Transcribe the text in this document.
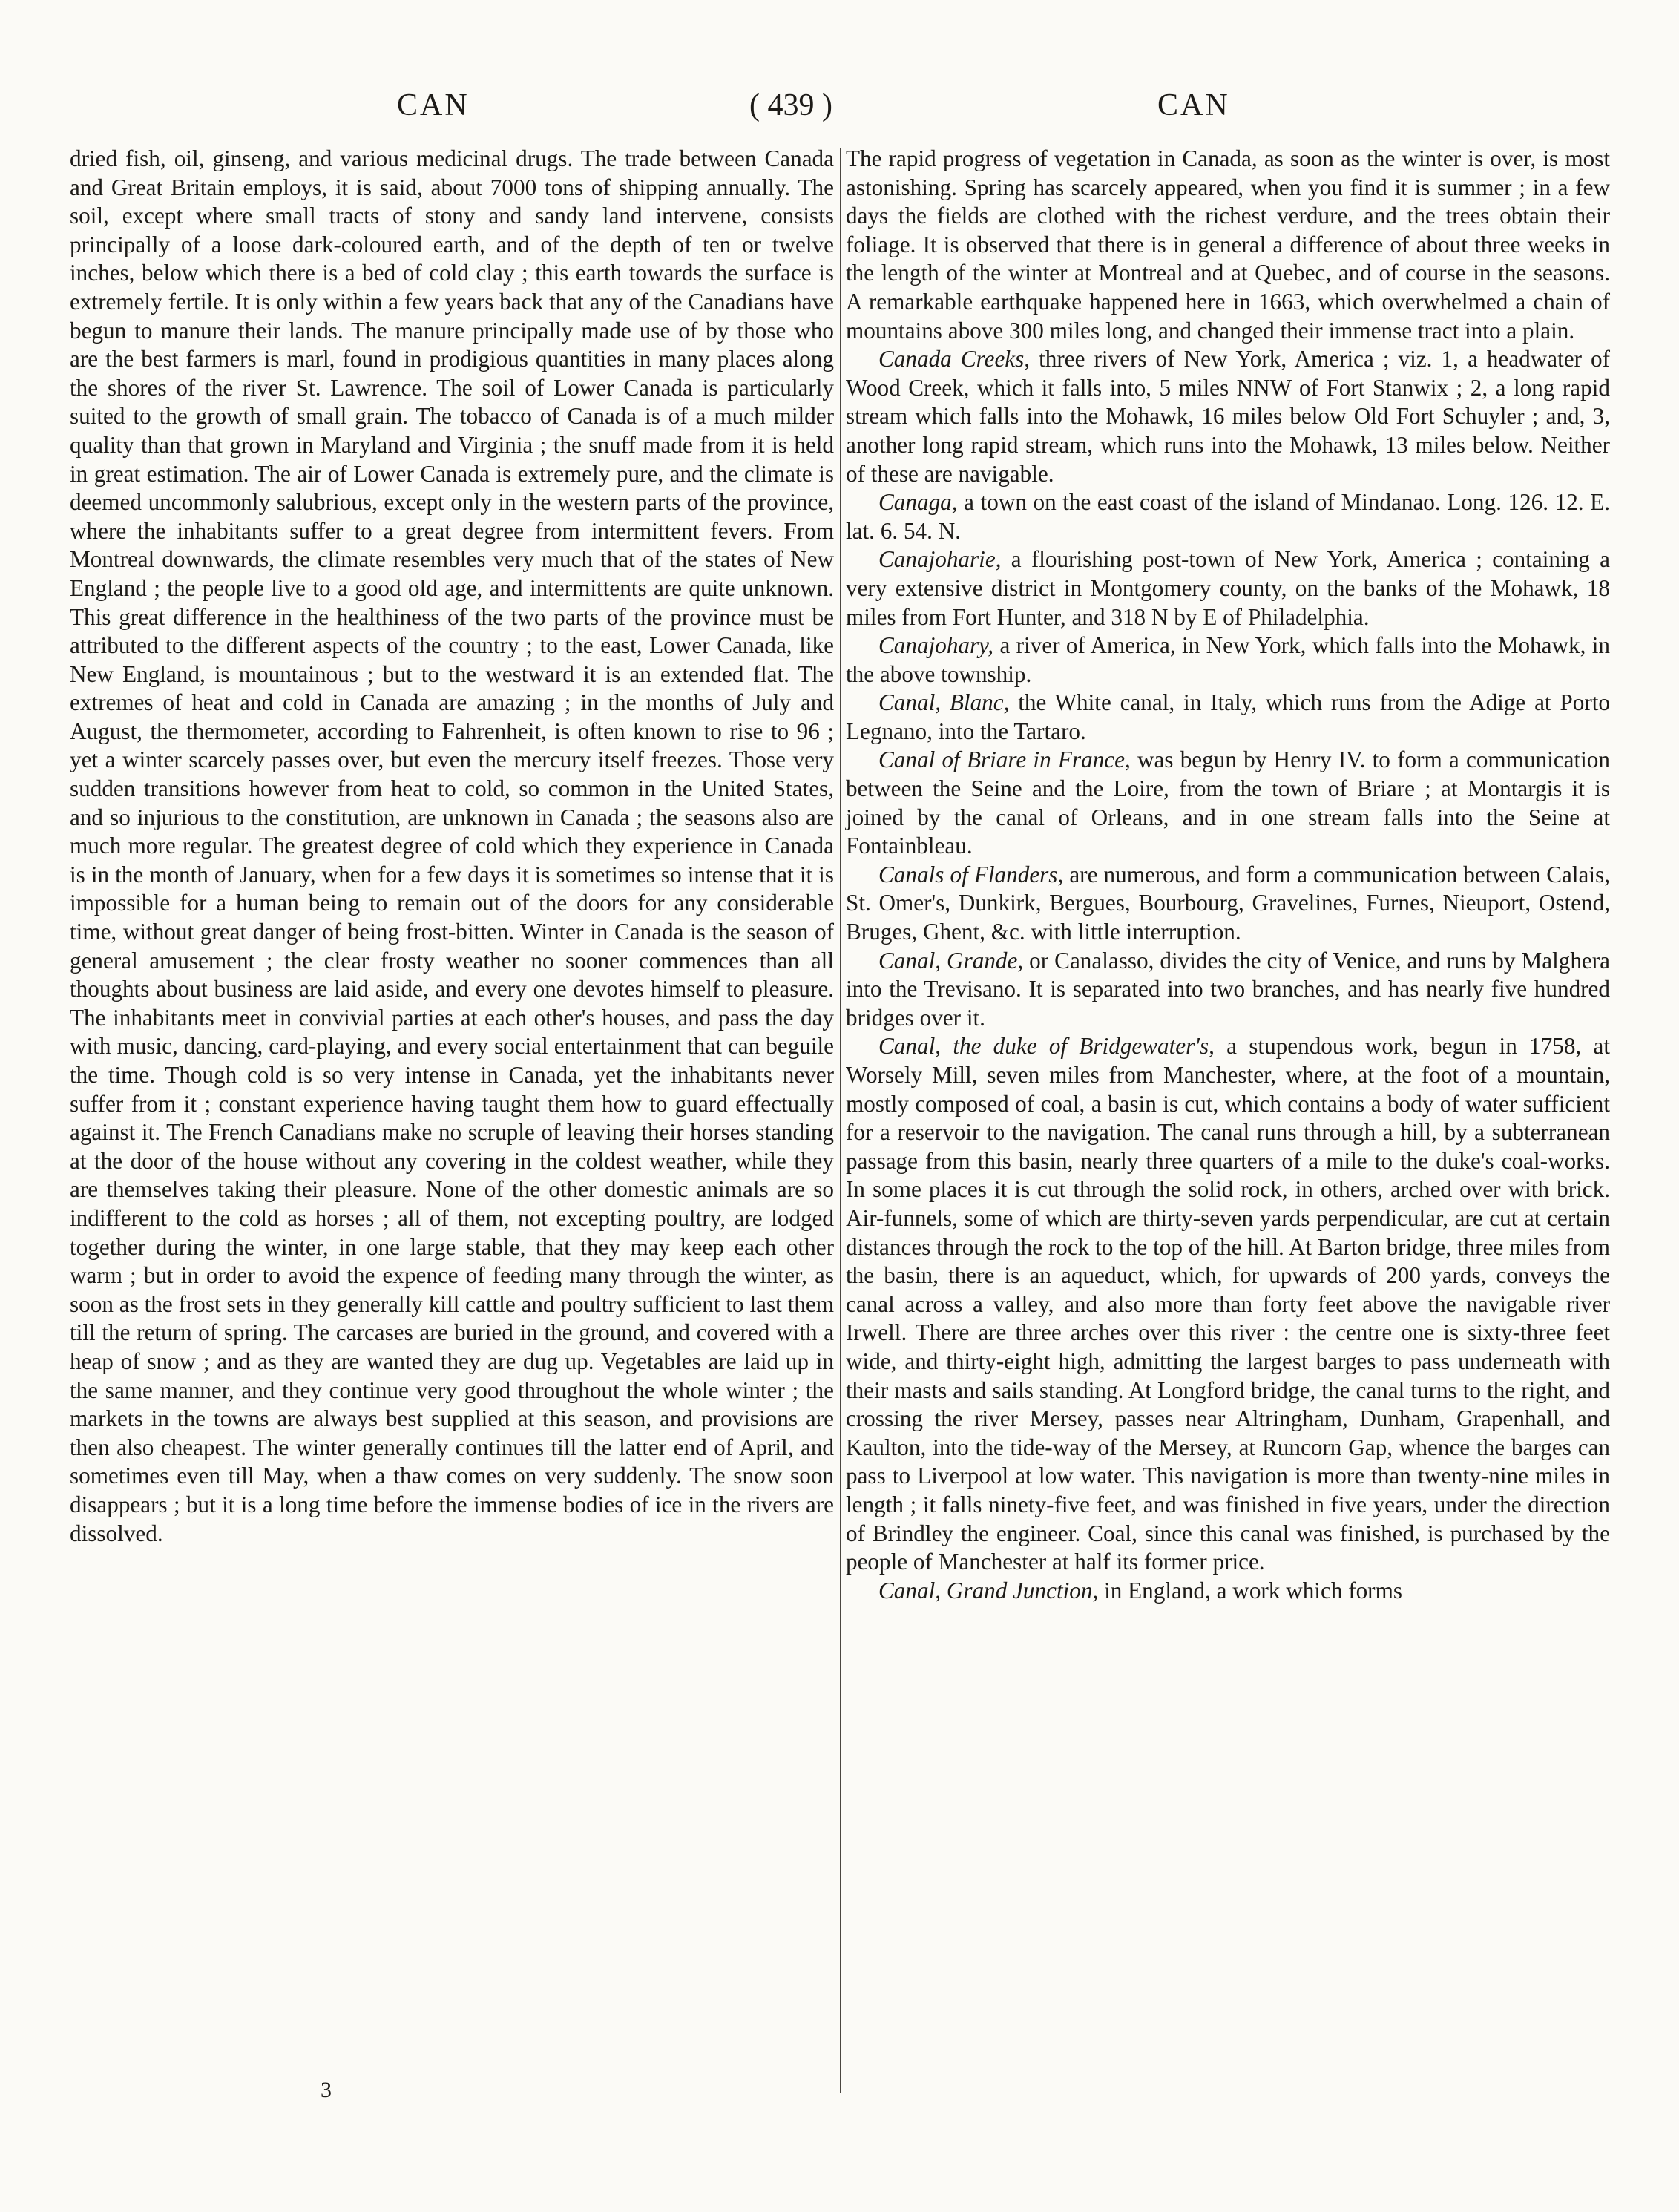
CAN	( 439 )	CAN

dried fish, oil, ginseng, and various medicinal drugs. The trade between Canada and Great Britain employs, it is said, about 7000 tons of shipping annually. The soil, except where small tracts of stony and sandy land intervene, consists principally of a loose dark-coloured earth, and of the depth of ten or twelve inches, below which there is a bed of cold clay ; this earth towards the surface is extremely fertile. It is only within a few years back that any of the Canadians have begun to manure their lands. The manure principally made use of by those who are the best farmers is marl, found in prodigious quantities in many places along the shores of the river St. Lawrence. The soil of Lower Canada is particularly suited to the growth of small grain. The tobacco of Canada is of a much milder quality than that grown in Maryland and Virginia ; the snuff made from it is held in great estimation. The air of Lower Canada is extremely pure, and the climate is deemed uncommonly salubrious, except only in the western parts of the province, where the inhabitants suffer to a great degree from intermittent fevers. From Montreal downwards, the climate resembles very much that of the states of New England ; the people live to a good old age, and intermittents are quite unknown. This great difference in the healthiness of the two parts of the province must be attributed to the different aspects of the country ; to the east, Lower Canada, like New England, is mountainous ; but to the westward it is an extended flat. The extremes of heat and cold in Canada are amazing ; in the months of July and August, the thermometer, according to Fahrenheit, is often known to rise to 96 ; yet a winter scarcely passes over, but even the mercury itself freezes. Those very sudden transitions however from heat to cold, so common in the United States, and so injurious to the constitution, are unknown in Canada ; the seasons also are much more regular. The greatest degree of cold which they experience in Canada is in the month of January, when for a few days it is sometimes so intense that it is impossible for a human being to remain out of the doors for any considerable time, without great danger of being frost-bitten. Winter in Canada is the season of general amusement ; the clear frosty weather no sooner commences than all thoughts about business are laid aside, and every one devotes himself to pleasure. The inhabitants meet in convivial parties at each other's houses, and pass the day with music, dancing, card-playing, and every social entertainment that can beguile the time. Though cold is so very intense in Canada, yet the inhabitants never suffer from it ; constant experience having taught them how to guard effectually against it. The French Canadians make no scruple of leaving their horses standing at the door of the house without any covering in the coldest weather, while they are themselves taking their pleasure. None of the other domestic animals are so indifferent to the cold as horses ; all of them, not excepting poultry, are lodged together during the winter, in one large stable, that they may keep each other warm ; but in order to avoid the expence of feeding many through the winter, as soon as the frost sets in they generally kill cattle and poultry sufficient to last them till the return of spring. The carcases are buried in the ground, and covered with a heap of snow ; and as they are wanted they are dug up. Vegetables are laid up in the same manner, and they continue very good throughout the whole winter ; the markets in the towns are always best supplied at this season, and provisions are then also cheapest. The winter generally continues till the latter end of April, and sometimes even till May, when a thaw comes on very suddenly. The snow soon disappears ; but it is a long time before the immense bodies of ice in the rivers are dissolved.

The rapid progress of vegetation in Canada, as soon as the winter is over, is most astonishing. Spring has scarcely appeared, when you find it is summer ; in a few days the fields are clothed with the richest verdure, and the trees obtain their foliage. It is observed that there is in general a difference of about three weeks in the length of the winter at Montreal and at Quebec, and of course in the seasons. A remarkable earthquake happened here in 1663, which overwhelmed a chain of mountains above 300 miles long, and changed their immense tract into a plain.

Canada Creeks, three rivers of New York, America ; viz. 1, a headwater of Wood Creek, which it falls into, 5 miles NNW of Fort Stanwix ; 2, a long rapid stream which falls into the Mohawk, 16 miles below Old Fort Schuyler ; and, 3, another long rapid stream, which runs into the Mohawk, 13 miles below. Neither of these are navigable.

Canaga, a town on the east coast of the island of Mindanao. Long. 126. 12. E. lat. 6. 54. N.

Canajoharie, a flourishing post-town of New York, America ; containing a very extensive district in Montgomery county, on the banks of the Mohawk, 18 miles from Fort Hunter, and 318 N by E of Philadelphia.

Canajohary, a river of America, in New York, which falls into the Mohawk, in the above township.

Canal, Blanc, the White canal, in Italy, which runs from the Adige at Porto Legnano, into the Tartaro.

Canal of Briare in France, was begun by Henry IV. to form a communication between the Seine and the Loire, from the town of Briare ; at Montargis it is joined by the canal of Orleans, and in one stream falls into the Seine at Fontainbleau.

Canals of Flanders, are numerous, and form a communication between Calais, St. Omer's, Dunkirk, Bergues, Bourbourg, Gravelines, Furnes, Nieuport, Ostend, Bruges, Ghent, &c. with little interruption.

Canal, Grande, or Canalasso, divides the city of Venice, and runs by Malghera into the Trevisano. It is separated into two branches, and has nearly five hundred bridges over it.

Canal, the duke of Bridgewater's, a stupendous work, begun in 1758, at Worsely Mill, seven miles from Manchester, where, at the foot of a mountain, mostly composed of coal, a basin is cut, which contains a body of water sufficient for a reservoir to the navigation. The canal runs through a hill, by a subterranean passage from this basin, nearly three quarters of a mile to the duke's coal-works. In some places it is cut through the solid rock, in others, arched over with brick. Air-funnels, some of which are thirty-seven yards perpendicular, are cut at certain distances through the rock to the top of the hill. At Barton bridge, three miles from the basin, there is an aqueduct, which, for upwards of 200 yards, conveys the canal across a valley, and also more than forty feet above the navigable river Irwell. There are three arches over this river : the centre one is sixty-three feet wide, and thirty-eight high, admitting the largest barges to pass underneath with their masts and sails standing. At Longford bridge, the canal turns to the right, and crossing the river Mersey, passes near Altringham, Dunham, Grapenhall, and Kaulton, into the tide-way of the Mersey, at Runcorn Gap, whence the barges can pass to Liverpool at low water. This navigation is more than twenty-nine miles in length ; it falls ninety-five feet, and was finished in five years, under the direction of Brindley the engineer. Coal, since this canal was finished, is purchased by the people of Manchester at half its former price.

Canal, Grand Junction, in England, a work which forms

3
